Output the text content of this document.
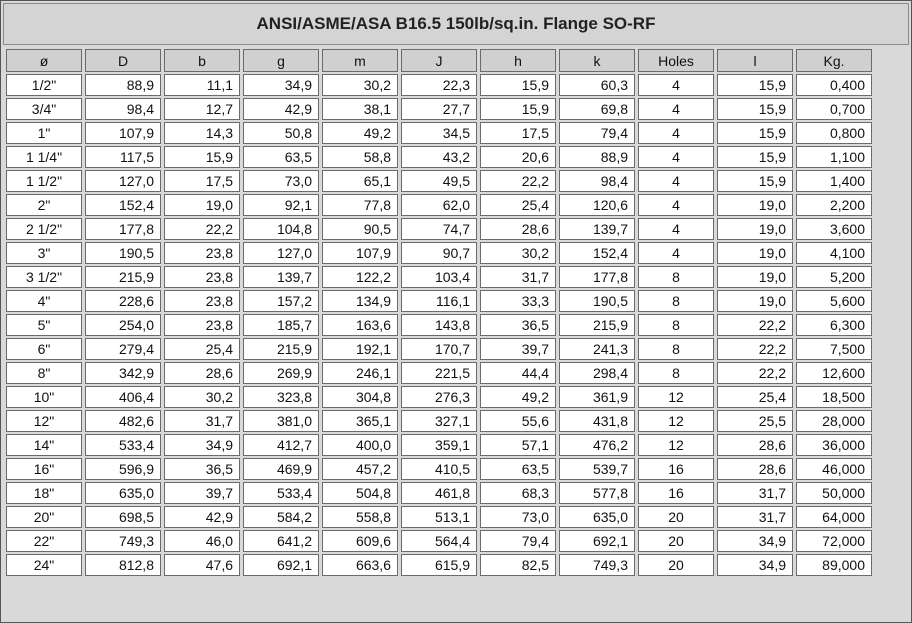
ANSI/ASME/ASA B16.5 150lb/sq.in. Flange SO-RF
ø	D	b	g	m	J	h	k	Holes	l	Kg.
1/2"	88,9	11,1	34,9	30,2	22,3	15,9	60,3	4	15,9	0,400
3/4"	98,4	12,7	42,9	38,1	27,7	15,9	69,8	4	15,9	0,700
1"	107,9	14,3	50,8	49,2	34,5	17,5	79,4	4	15,9	0,800
1 1/4"	117,5	15,9	63,5	58,8	43,2	20,6	88,9	4	15,9	1,100
1 1/2"	127,0	17,5	73,0	65,1	49,5	22,2	98,4	4	15,9	1,400
2"	152,4	19,0	92,1	77,8	62,0	25,4	120,6	4	19,0	2,200
2 1/2"	177,8	22,2	104,8	90,5	74,7	28,6	139,7	4	19,0	3,600
3"	190,5	23,8	127,0	107,9	90,7	30,2	152,4	4	19,0	4,100
3 1/2"	215,9	23,8	139,7	122,2	103,4	31,7	177,8	8	19,0	5,200
4"	228,6	23,8	157,2	134,9	116,1	33,3	190,5	8	19,0	5,600
5"	254,0	23,8	185,7	163,6	143,8	36,5	215,9	8	22,2	6,300
6"	279,4	25,4	215,9	192,1	170,7	39,7	241,3	8	22,2	7,500
8"	342,9	28,6	269,9	246,1	221,5	44,4	298,4	8	22,2	12,600
10"	406,4	30,2	323,8	304,8	276,3	49,2	361,9	12	25,4	18,500
12"	482,6	31,7	381,0	365,1	327,1	55,6	431,8	12	25,5	28,000
14"	533,4	34,9	412,7	400,0	359,1	57,1	476,2	12	28,6	36,000
16"	596,9	36,5	469,9	457,2	410,5	63,5	539,7	16	28,6	46,000
18"	635,0	39,7	533,4	504,8	461,8	68,3	577,8	16	31,7	50,000
20"	698,5	42,9	584,2	558,8	513,1	73,0	635,0	20	31,7	64,000
22"	749,3	46,0	641,2	609,6	564,4	79,4	692,1	20	34,9	72,000
24"	812,8	47,6	692,1	663,6	615,9	82,5	749,3	20	34,9	89,000
